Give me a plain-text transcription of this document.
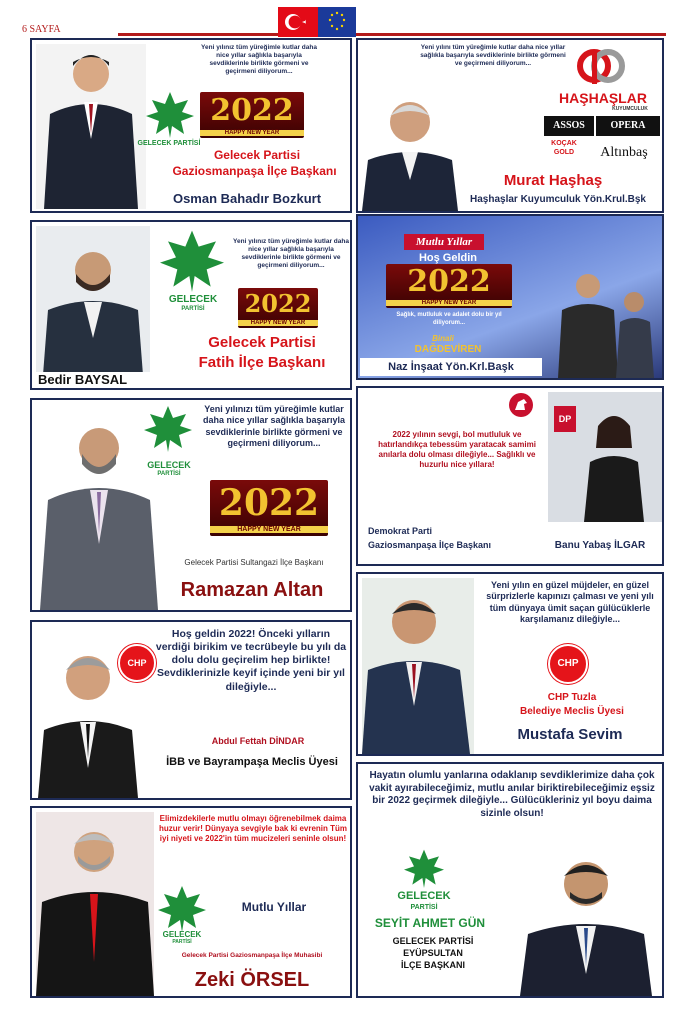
6 SAYFA
Yeni yılınız tüm yüreğimle kutlar daha nice yıllar sağlıkla başarıyla sevdiklerinle birlikte görmeni ve geçirmeni diliyorum...
GELECEK PARTİSİ
2022
HAPPY NEW YEAR
Gelecek Partisi
Gaziosmanpaşa İlçe Başkanı
Osman Bahadır Bozkurt
Yeni yılını tüm yüreğimle kutlar daha nice yıllar sağlıkla başarıyla sevdiklerinle birlikte görmeni ve geçirmeni diliyorum...
HAŞHAŞLAR
KUYUMCULUK
ASSOS	OPERA
KOÇAK GOLD	Altınbaş
Murat Haşhaş
Haşhaşlar Kuyumculuk Yön.Krul.Bşk
Bedir BAYSAL
GELECEK
PARTİSİ
Yeni yılınız tüm yüreğimle kutlar daha nice yıllar sağlıkla başarıyla sevdiklerinle birlikte görmeni ve geçirmeni diliyorum...
2022
HAPPY NEW YEAR
Gelecek Partisi
Fatih İlçe Başkanı
Mutlu Yıllar
Hoş Geldin
2022
HAPPY NEW YEAR
Sağlık, mutluluk ve adalet dolu bir yıl diliyorum...
Binali
DAĞDEVİREN
Naz İnşaat Yön.Krl.Başk
GELECEK
PARTİSİ
Yeni yılınızı tüm yüreğimle kutlar daha nice yıllar sağlıkla başarıyla sevdiklerinle birlikte görmeni ve geçirmeni diliyorum...
2022
HAPPY NEW YEAR
Gelecek Partisi Sultangazi İlçe Başkanı
Ramazan Altan
2022 yılının sevgi, bol mutluluk ve hatırlandıkça tebessüm yaratacak samimi anılarla dolu olması dileğiyle... Sağlıklı ve huzurlu nice yıllara!
DP
Demokrat Parti
Gaziosmanpaşa İlçe Başkanı	Banu Yabaş İLGAR
CHP
Hoş geldin 2022! Önceki yılların verdiği birikim ve tecrübeyle bu yılı da dolu dolu geçirelim hep birlikte! Sevdiklerinizle keyif içinde yeni bir yıl dileğiyle...
Abdul Fettah DİNDAR
İBB ve Bayrampaşa Meclis Üyesi
Yeni yılın en güzel müjdeler, en güzel sürprizlerle kapınızı çalması ve yeni yılı tüm dünyaya ümit saçan gülücüklerle karşılamanız dileğiyle...
CHP
CHP Tuzla
Belediye Meclis Üyesi
Mustafa Sevim
Elimizdekilerle mutlu olmayı öğrenebilmek daima huzur verir! Dünyaya sevgiyle bak ki evrenin Tüm iyi niyeti ve 2022'in tüm mucizeleri seninle olsun!
GELECEK
PARTİSİ
Mutlu Yıllar
Gelecek Partisi Gaziosmanpaşa İlçe Muhasibi
Zeki ÖRSEL
Hayatın olumlu yanlarına odaklanıp sevdiklerimize daha çok vakit ayırabileceğimiz, mutlu anılar biriktirebileceğimiz eşsiz bir 2022 geçirmek dileğiyle... Gülücükleriniz yıl boyu daima sizinle olsun!
GELECEK
PARTİSİ
SEYİT AHMET GÜN
GELECEK PARTİSİ
EYÜPSULTAN
İLÇE BAŞKANI
